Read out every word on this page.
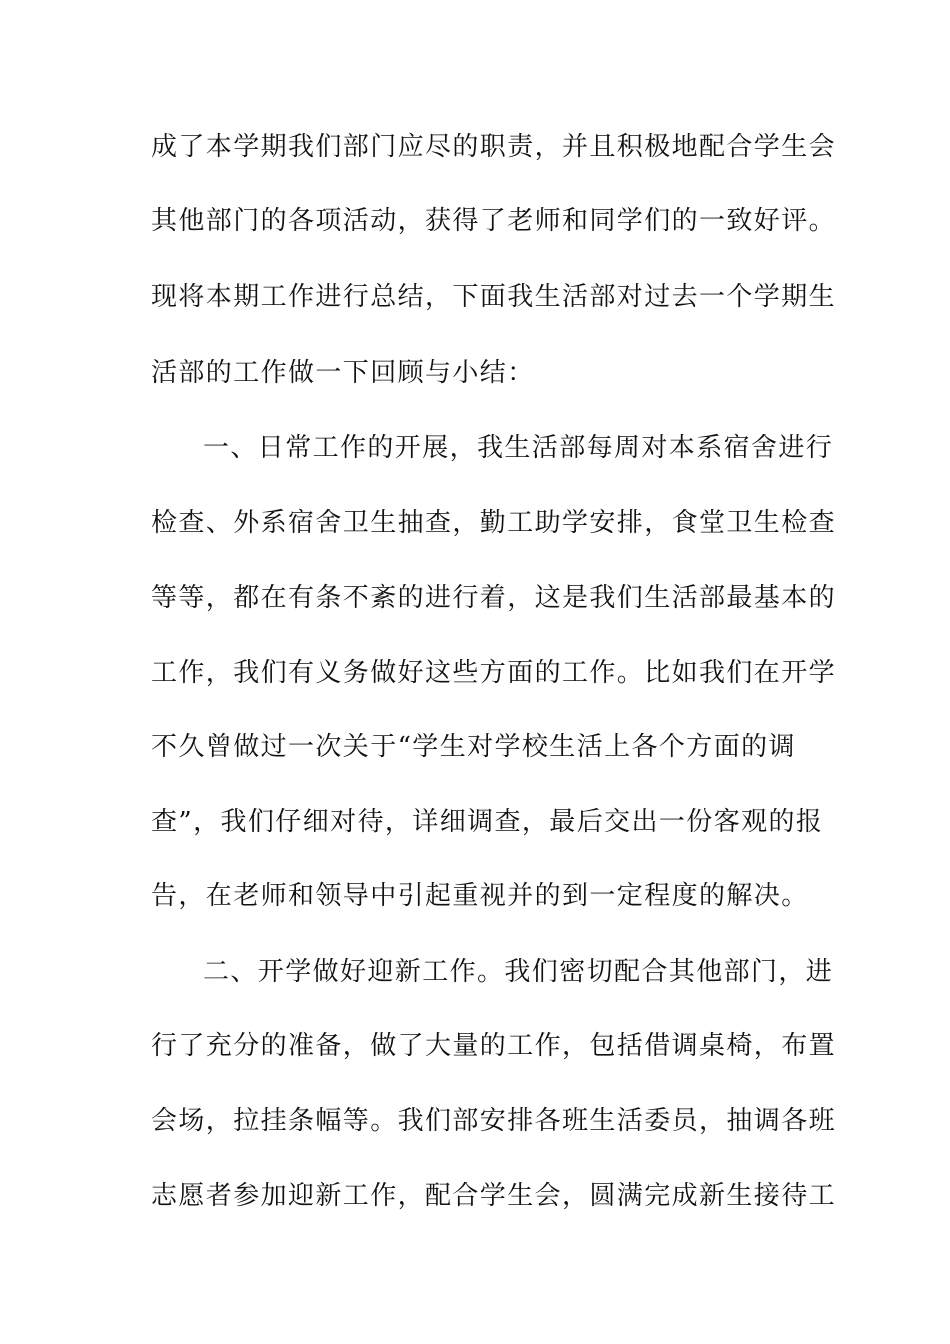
成了本学期我们部门应尽的职责，并且积极地配合学生会
其他部门的各项活动，获得了老师和同学们的一致好评。
现将本期工作进行总结，下面我生活部对过去一个学期生
活部的工作做一下回顾与小结：
一、日常工作的开展，我生活部每周对本系宿舍进行
检查、外系宿舍卫生抽查，勤工助学安排，食堂卫生检查
等等，都在有条不紊的进行着，这是我们生活部最基本的
工作，我们有义务做好这些方面的工作。比如我们在开学
不久曾做过一次关于“学生对学校生活上各个方面的调
查”，我们仔细对待，详细调查，最后交出一份客观的报
告，在老师和领导中引起重视并的到一定程度的解决。
二、开学做好迎新工作。我们密切配合其他部门，进
行了充分的准备，做了大量的工作，包括借调桌椅，布置
会场，拉挂条幅等。我们部安排各班生活委员，抽调各班
志愿者参加迎新工作，配合学生会，圆满完成新生接待工
